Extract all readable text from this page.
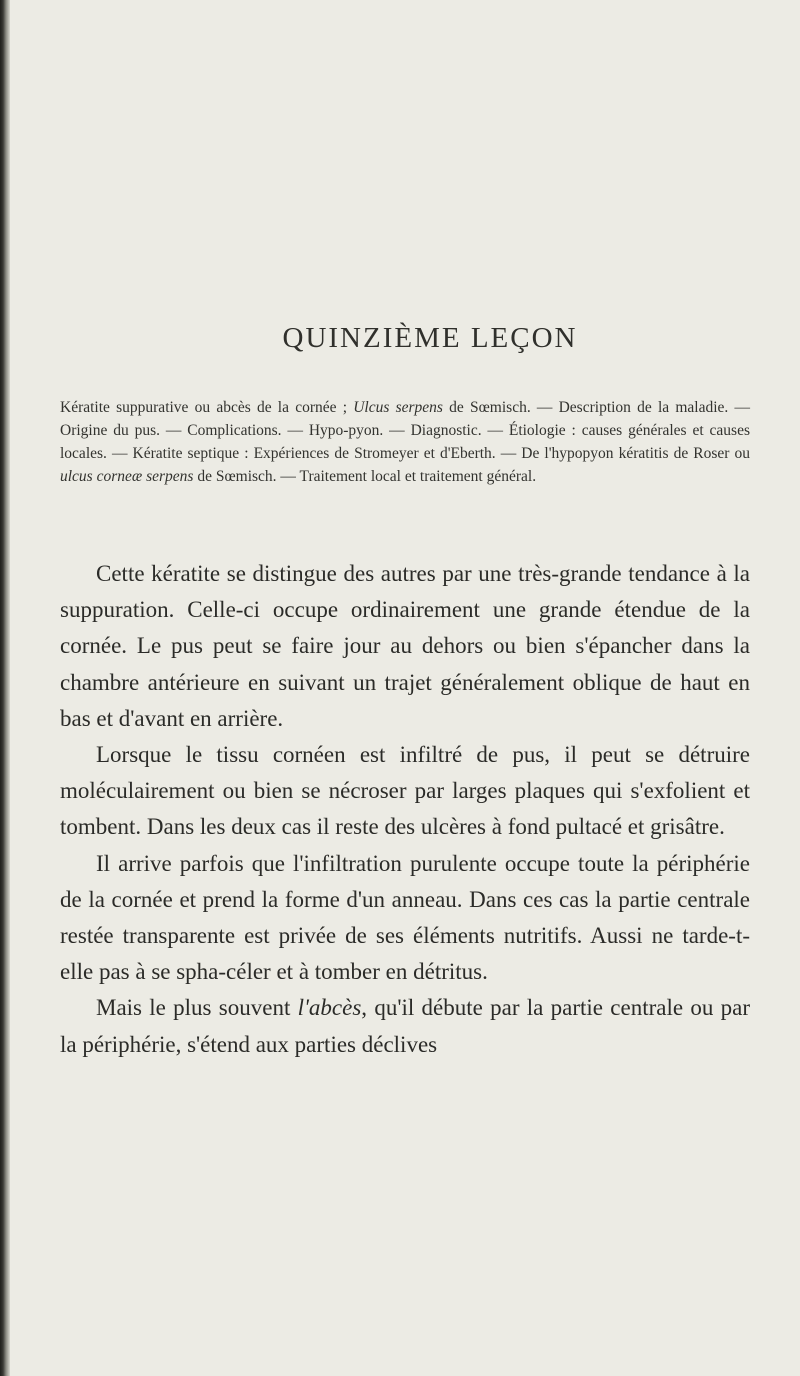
QUINZIÈME LEÇON

Kératite suppurative ou abcès de la cornée ; Ulcus serpens de Sœmisch. — Description de la maladie. — Origine du pus. — Complications. — Hypo-pyon. — Diagnostic. — Étiologie : causes générales et causes locales. — Kératite septique : Expériences de Stromeyer et d'Eberth. — De l'hypopyon kératitis de Roser ou ulcus corneæ serpens de Sœmisch. — Traitement local et traitement général.

Cette kératite se distingue des autres par une très-grande tendance à la suppuration. Celle-ci occupe ordinairement une grande étendue de la cornée. Le pus peut se faire jour au dehors ou bien s'épancher dans la chambre antérieure en suivant un trajet généralement oblique de haut en bas et d'avant en arrière.

Lorsque le tissu cornéen est infiltré de pus, il peut se détruire moléculairement ou bien se nécroser par larges plaques qui s'exfolient et tombent. Dans les deux cas il reste des ulcères à fond pultacé et grisâtre.

Il arrive parfois que l'infiltration purulente occupe toute la périphérie de la cornée et prend la forme d'un anneau. Dans ces cas la partie centrale restée transparente est privée de ses éléments nutritifs. Aussi ne tarde-t-elle pas à se spha-céler et à tomber en détritus.

Mais le plus souvent l'abcès, qu'il débute par la partie centrale ou par la périphérie, s'étend aux parties déclives
